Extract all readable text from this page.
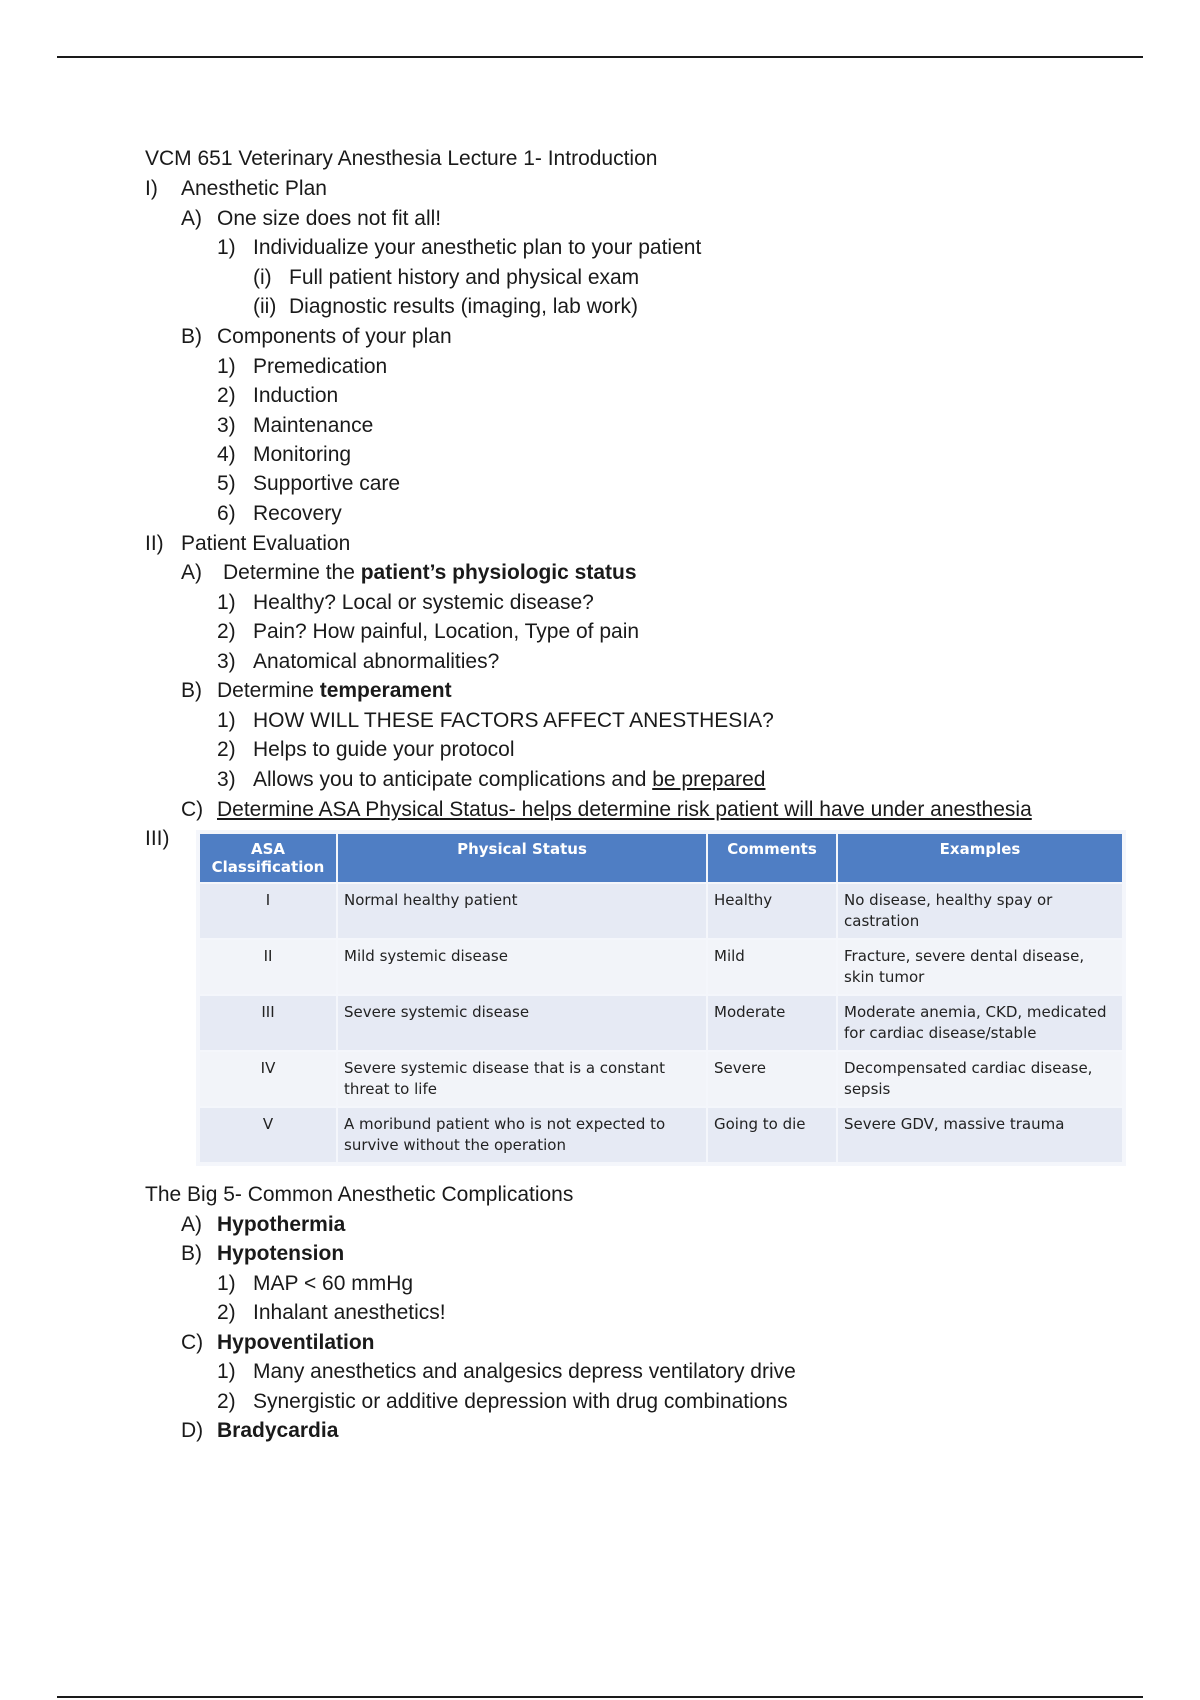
VCM 651 Veterinary Anesthesia Lecture 1- Introduction
I) Anesthetic Plan
A) One size does not fit all!
1) Individualize your anesthetic plan to your patient
(i) Full patient history and physical exam
(ii) Diagnostic results (imaging, lab work)
B) Components of your plan
1) Premedication
2) Induction
3) Maintenance
4) Monitoring
5) Supportive care
6) Recovery
II) Patient Evaluation
A) Determine the patient’s physiologic status
1) Healthy? Local or systemic disease?
2) Pain? How painful, Location, Type of pain
3) Anatomical abnormalities?
B) Determine temperament
1) HOW WILL THESE FACTORS AFFECT ANESTHESIA?
2) Helps to guide your protocol
3) Allows you to anticipate complications and be prepared
C) Determine ASA Physical Status- helps determine risk patient will have under anesthesia
III)
The Big 5- Common Anesthetic Complications
A) Hypothermia
B) Hypotension
1) MAP < 60 mmHg
2) Inhalant anesthetics!
C) Hypoventilation
1) Many anesthetics and analgesics depress ventilatory drive
2) Synergistic or additive depression with drug combinations
D) Bradycardia
ASA Classification	Physical Status	Comments	Examples
I	Normal healthy patient	Healthy	No disease, healthy spay or castration
II	Mild systemic disease	Mild	Fracture, severe dental disease, skin tumor
III	Severe systemic disease	Moderate	Moderate anemia, CKD, medicated for cardiac disease/stable
IV	Severe systemic disease that is a constant threat to life	Severe	Decompensated cardiac disease, sepsis
V	A moribund patient who is not expected to survive without the operation	Going to die	Severe GDV, massive trauma
